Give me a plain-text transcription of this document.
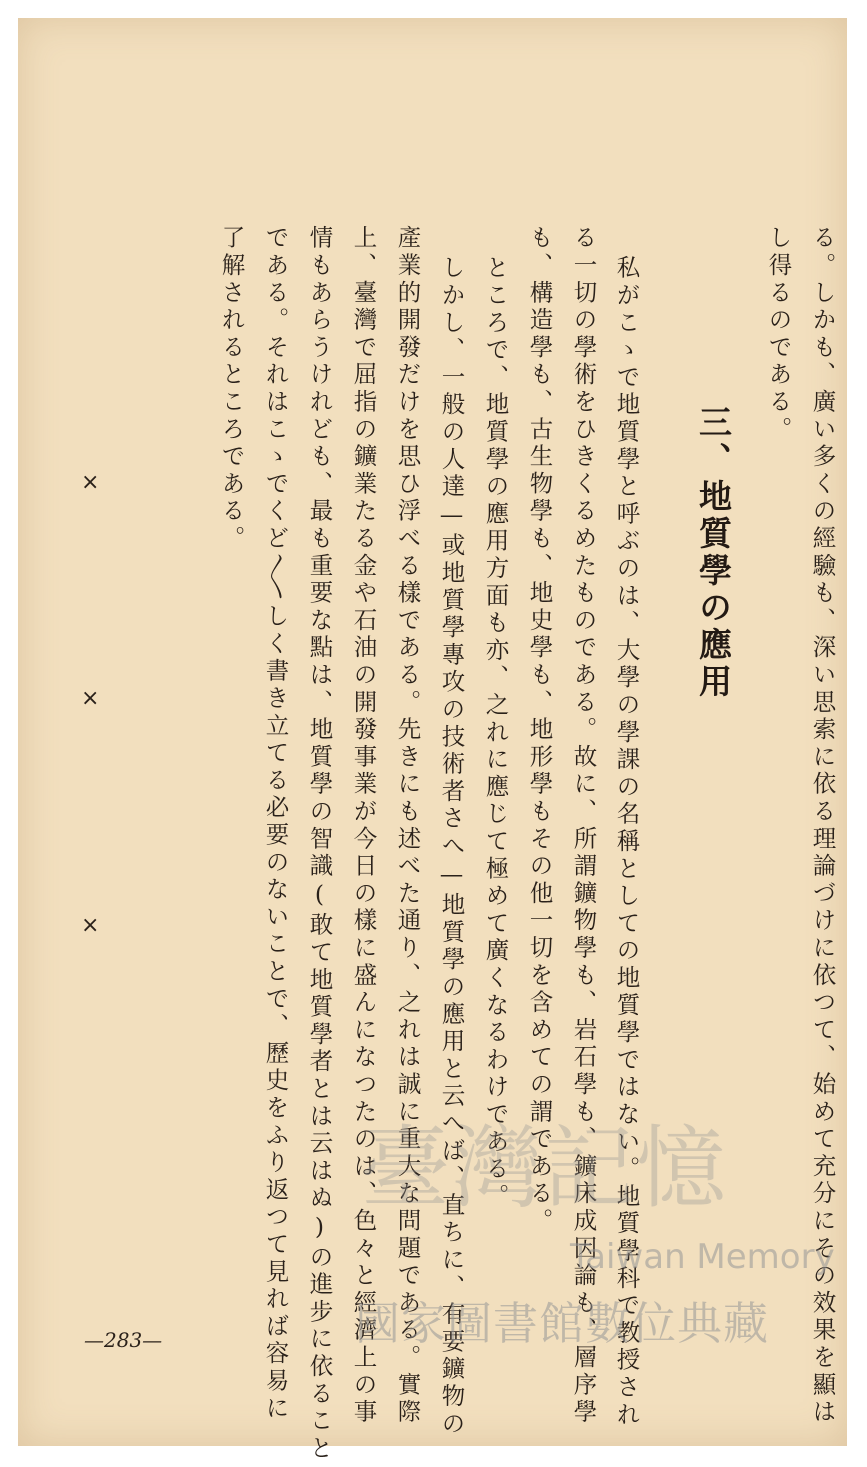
る。しかも、廣い多くの經驗も、深い思索に依る理論づけに依つて、始めて充分にその效果を顯は
し得るのである。
三、地質學の應用
私がこゝで地質學と呼ぶのは、大學の學課の名稱としての地質學ではない。地質學科で教授され
る一切の學術をひきくるめたものである。故に、所謂鑛物學も、岩石學も、鑛床成因論も、層序學
も、構造學も、古生物學も、地史學も、地形學もその他一切を含めての謂である。
ところで、地質學の應用方面も亦、之れに應じて極めて廣くなるわけである。
しかし、一般の人達—或地質學專攻の技術者さへ—地質學の應用と云へば、直ちに、有要鑛物の
產業的開發だけを思ひ浮べる樣である。先きにも述べた通り、之れは誠に重大な問題である。實際
上、臺灣で屈指の鑛業たる金や石油の開發事業が今日の樣に盛んになつたのは、色々と經濟上の事
情もあらうけれども、最も重要な點は、地質學の智識(敢て地質學者とは云はぬ)の進步に依ること
である。それはこゝでくど〳〵しく書き立てる必要のないことで、歷史をふり返つて見れば容易に
了解されるところである。
×
×
×
—283—
臺灣記憶
Taiwan Memory
國家圖書館數位典藏
